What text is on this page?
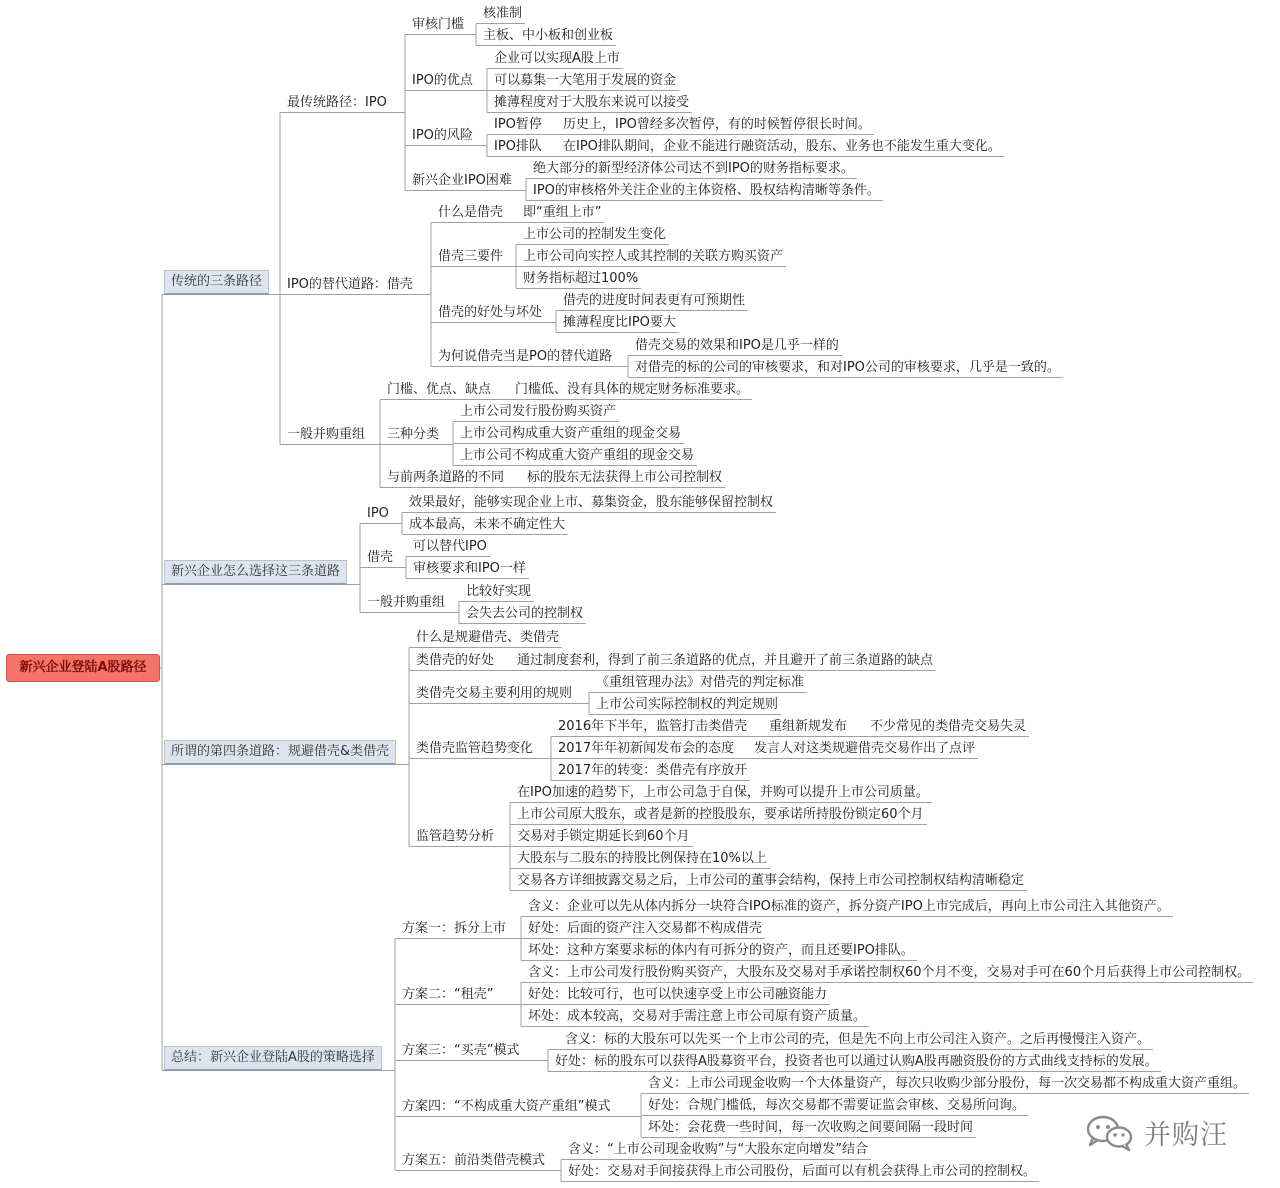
新兴企业登陆A股路径
传统的三条路径
最传统路径：IPO
审核门槛
核准制
主板、中小板和创业板
IPO的优点
企业可以实现A股上市
可以募集一大笔用于发展的资金
摊薄程度对于大股东来说可以接受
IPO的风险
IPO暂停 历史上，IPO曾经多次暂停，有的时候暂停很长时间。
IPO排队 在IPO排队期间，企业不能进行融资活动，股东、业务也不能发生重大变化。
新兴企业IPO困难
绝大部分的新型经济体公司达不到IPO的财务指标要求。
IPO的审核格外关注企业的主体资格、股权结构清晰等条件。
IPO的替代道路：借壳
什么是借壳 即“重组上市”
借壳三要件
上市公司的控制发生变化
上市公司向实控人或其控制的关联方购买资产
财务指标超过100%
借壳的好处与坏处
借壳的进度时间表更有可预期性
摊薄程度比IPO要大
为何说借壳当是PO的替代道路
借壳交易的效果和IPO是几乎一样的
对借壳的标的公司的审核要求，和对IPO公司的审核要求，几乎是一致的。
一般并购重组
门槛、优点、缺点 门槛低、没有具体的规定财务标准要求。
三种分类
上市公司发行股份购买资产
上市公司构成重大资产重组的现金交易
上市公司不构成重大资产重组的现金交易
与前两条道路的不同 标的股东无法获得上市公司控制权
新兴企业怎么选择这三条道路
IPO
效果最好，能够实现企业上市、募集资金，股东能够保留控制权
成本最高，未来不确定性大
借壳
可以替代IPO
审核要求和IPO一样
一般并购重组
比较好实现
会失去公司的控制权
所谓的第四条道路：规避借壳&类借壳
什么是规避借壳、类借壳
类借壳的好处 通过制度套利，得到了前三条道路的优点，并且避开了前三条道路的缺点
类借壳交易主要利用的规则
《重组管理办法》对借壳的判定标准
上市公司实际控制权的判定规则
类借壳监管趋势变化
2016年下半年，监管打击类借壳 重组新规发布 不少常见的类借壳交易失灵
2017年年初新闻发布会的态度 发言人对这类规避借壳交易作出了点评
2017年的转变：类借壳有序放开
监管趋势分析
在IPO加速的趋势下，上市公司急于自保，并购可以提升上市公司质量。
上市公司原大股东，或者是新的控股股东，要承诺所持股份锁定60个月
交易对手锁定期延长到60个月
大股东与二股东的持股比例保持在10%以上
交易各方详细披露交易之后，上市公司的董事会结构，保持上市公司控制权结构清晰稳定
总结：新兴企业登陆A股的策略选择
方案一：拆分上市
含义：企业可以先从体内拆分一块符合IPO标准的资产，拆分资产IPO上市完成后，再向上市公司注入其他资产。
好处：后面的资产注入交易都不构成借壳
坏处：这种方案要求标的体内有可拆分的资产，而且还要IPO排队。
方案二：“租壳”
含义：上市公司发行股份购买资产，大股东及交易对手承诺控制权60个月不变，交易对手可在60个月后获得上市公司控制权。
好处：比较可行，也可以快速享受上市公司融资能力
坏处：成本较高，交易对手需注意上市公司原有资产质量。
方案三：“买壳”模式
含义：标的大股东可以先买一个上市公司的壳，但是先不向上市公司注入资产。之后再慢慢注入资产。
好处：标的股东可以获得A股募资平台，投资者也可以通过认购A股再融资股份的方式曲线支持标的发展。
方案四：“不构成重大资产重组”模式
含义：上市公司现金收购一个大体量资产，每次只收购少部分股份，每一次交易都不构成重大资产重组。
好处：合规门槛低，每次交易都不需要证监会审核、交易所问询。
坏处：会花费一些时间，每一次收购之间要间隔一段时间
方案五：前沿类借壳模式
含义：“上市公司现金收购”与“大股东定向增发”结合
好处：交易对手间接获得上市公司股份，后面可以有机会获得上市公司的控制权。
并购汪
